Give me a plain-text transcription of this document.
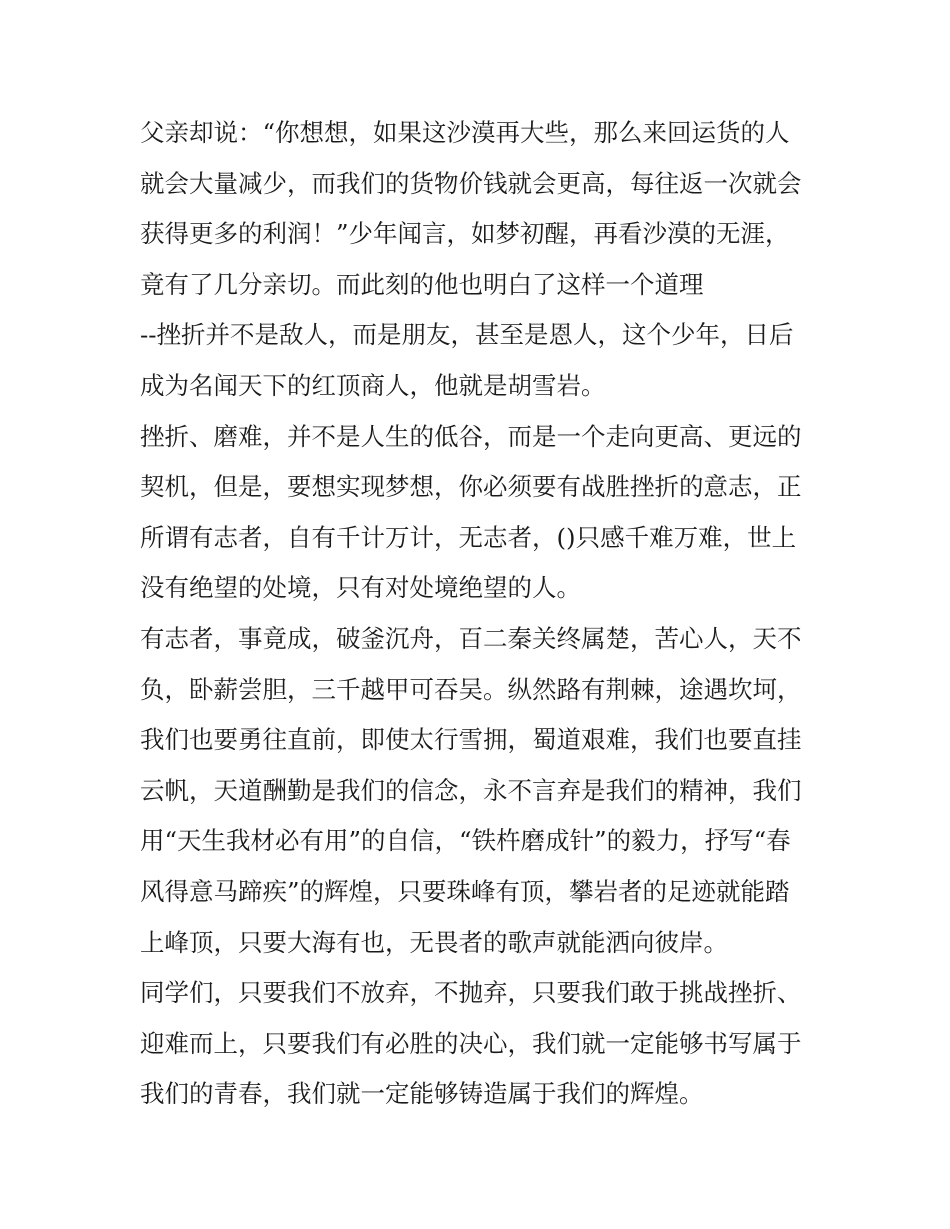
父亲却说：“你想想，如果这沙漠再大些，那么来回运货的人
就会大量减少，而我们的货物价钱就会更高，每往返一次就会
获得更多的利润！”少年闻言，如梦初醒，再看沙漠的无涯，
竟有了几分亲切。而此刻的他也明白了这样一个道理
--挫折并不是敌人，而是朋友，甚至是恩人，这个少年，日后
成为名闻天下的红顶商人，他就是胡雪岩。
挫折、磨难，并不是人生的低谷，而是一个走向更高、更远的
契机，但是，要想实现梦想，你必须要有战胜挫折的意志，正
所谓有志者，自有千计万计，无志者，()只感千难万难，世上
没有绝望的处境，只有对处境绝望的人。
有志者，事竟成，破釜沉舟，百二秦关终属楚，苦心人，天不
负，卧薪尝胆，三千越甲可吞吴。纵然路有荆棘，途遇坎坷，
我们也要勇往直前，即使太行雪拥，蜀道艰难，我们也要直挂
云帆，天道酬勤是我们的信念，永不言弃是我们的精神，我们
用“天生我材必有用”的自信，“铁杵磨成针”的毅力，抒写“春
风得意马蹄疾”的辉煌，只要珠峰有顶，攀岩者的足迹就能踏
上峰顶，只要大海有也，无畏者的歌声就能洒向彼岸。
同学们，只要我们不放弃，不抛弃，只要我们敢于挑战挫折、
迎难而上，只要我们有必胜的决心，我们就一定能够书写属于
我们的青春，我们就一定能够铸造属于我们的辉煌。
